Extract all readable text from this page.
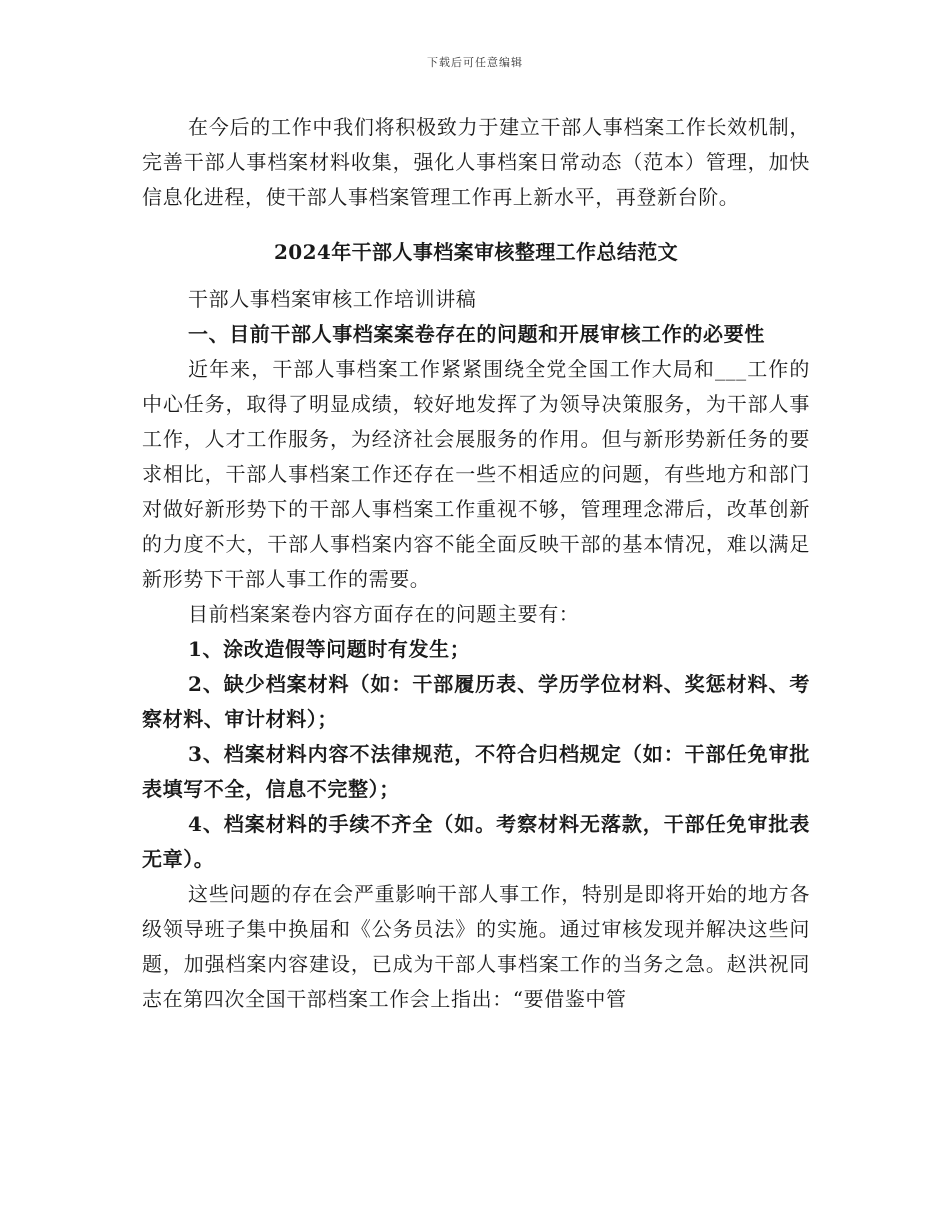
下载后可任意编辑

在今后的工作中我们将积极致力于建立干部人事档案工作长效机制，完善干部人事档案材料收集，强化人事档案日常动态（范本）管理，加快信息化进程，使干部人事档案管理工作再上新水平，再登新台阶。

2024年干部人事档案审核整理工作总结范文

干部人事档案审核工作培训讲稿

一、目前干部人事档案案卷存在的问题和开展审核工作的必要性

近年来，干部人事档案工作紧紧围绕全党全国工作大局和___工作的中心任务，取得了明显成绩，较好地发挥了为领导决策服务，为干部人事工作，人才工作服务，为经济社会展服务的作用。但与新形势新任务的要求相比，干部人事档案工作还存在一些不相适应的问题，有些地方和部门对做好新形势下的干部人事档案工作重视不够，管理理念滞后，改革创新的力度不大，干部人事档案内容不能全面反映干部的基本情况，难以满足新形势下干部人事工作的需要。

目前档案案卷内容方面存在的问题主要有：

1、涂改造假等问题时有发生；

2、缺少档案材料（如：干部履历表、学历学位材料、奖惩材料、考察材料、审计材料）；

3、档案材料内容不法律规范，不符合归档规定（如：干部任免审批表填写不全，信息不完整）；

4、档案材料的手续不齐全（如。考察材料无落款，干部任免审批表无章）。

这些问题的存在会严重影响干部人事工作，特别是即将开始的地方各级领导班子集中换届和《公务员法》的实施。通过审核发现并解决这些问题，加强档案内容建设，已成为干部人事档案工作的当务之急。赵洪祝同志在第四次全国干部档案工作会上指出：“要借鉴中管
